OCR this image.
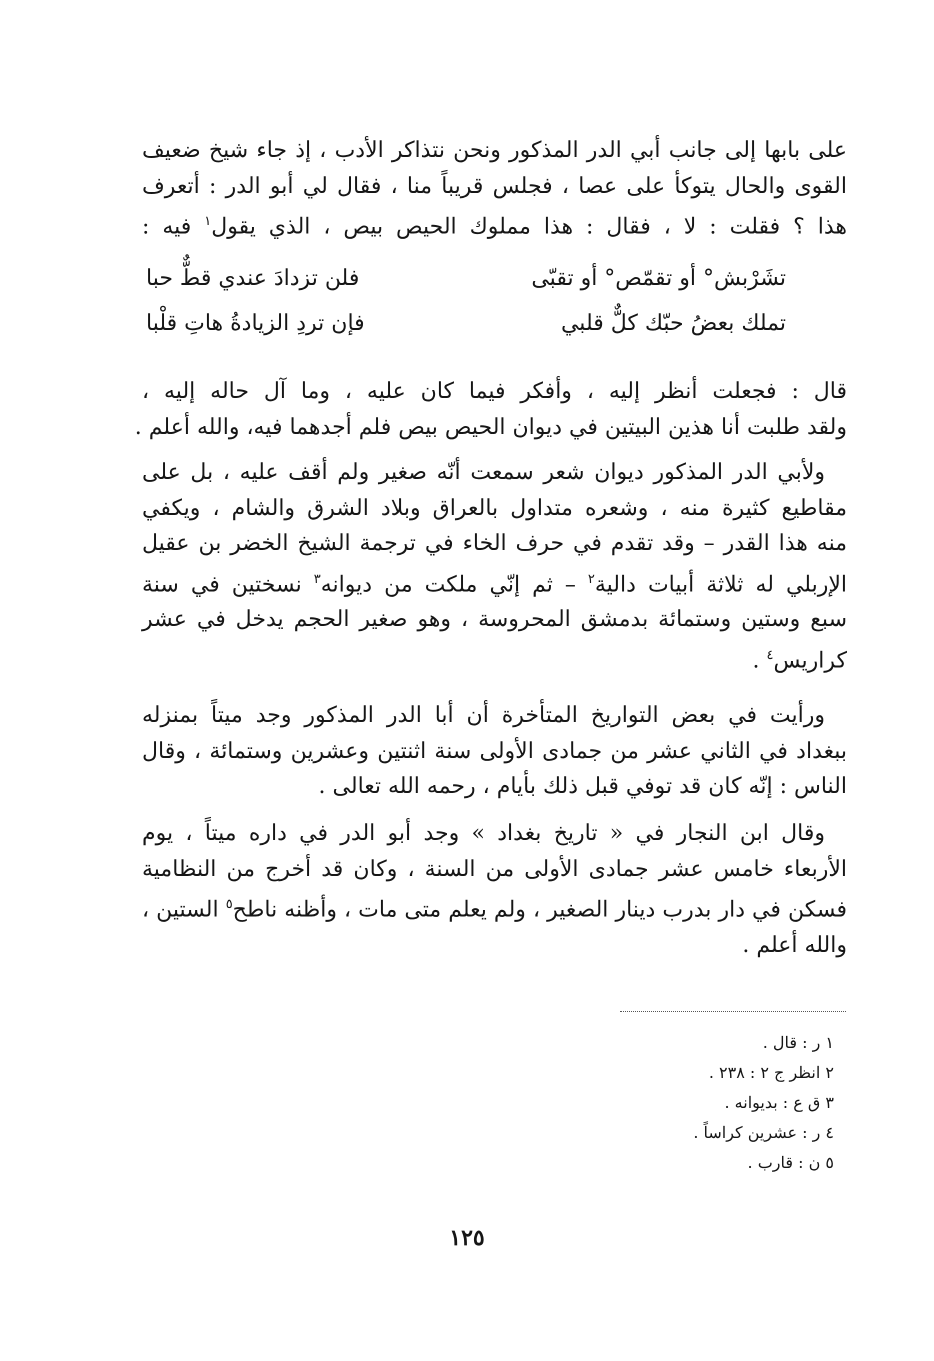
على بابها إلى جانب أبي الدر المذكور ونحن نتذاكر الأدب ، إذ جاء شيخ ضعيف
القوى والحال يتوكأ على عصا ، فجلس قريباً منا ، فقال لي أبو الدر : أتعرف
هذا ؟ فقلت : لا ، فقال : هذا مملوك الحيص بيص ، الذي يقول$^١$ فيه :
تشَرْبش° أو تقمّص° أو تقبّى
فلن تزدادَ عندي قطٌّ حبا
تملك بعضُ حبّك كلٌّ قلبي
فإن تردِ الزيادةُ هاتِ قلْبا
قال : فجعلت أنظر إليه ، وأفكر فيما كان عليه ، وما آل حاله إليه ،
ولقد طلبت أنا هذين البيتين في ديوان الحيص بيص فلم أجدهما فيه، والله أعلم .
ولأبي الدر المذكور ديوان شعر سمعت أنّه صغير ولم أقف عليه ، بل على
مقاطيع كثيرة منه ، وشعره متداول بالعراق وبلاد الشرق والشام ، ويكفي
منه هذا القدر – وقد تقدم في حرف الخاء في ترجمة الشيخ الخضر بن عقيل
الإربلي له ثلاثة أبيات دالية$^٢$ – ثم إنّي ملكت من ديوانه$^٣$ نسختين في سنة
سبع وستين وستمائة بدمشق المحروسة ، وهو صغير الحجم يدخل في عشر
كراريس$^٤$ .
ورأيت في بعض التواريخ المتأخرة أن أبا الدر المذكور وجد ميتاً بمنزله
ببغداد في الثاني عشر من جمادى الأولى سنة اثنتين وعشرين وستمائة ، وقال
الناس : إنّه كان قد توفي قبل ذلك بأيام ، رحمه الله تعالى .
وقال ابن النجار في « تاريخ بغداد » وجد أبو الدر في داره ميتاً ، يوم
الأربعاء خامس عشر جمادى الأولى من السنة ، وكان قد أخرج من النظامية
فسكن في دار بدرب دينار الصغير ، ولم يعلم متى مات ، وأظنه ناطح$^٥$ الستين ،
والله أعلم .
١ ر : قال .
٢ انظر ج ٢ : ٢٣٨ .
٣ ق ع : بديوانه .
٤ ر : عشرين كراساً .
٥ ن : قارب .
١٢٥
